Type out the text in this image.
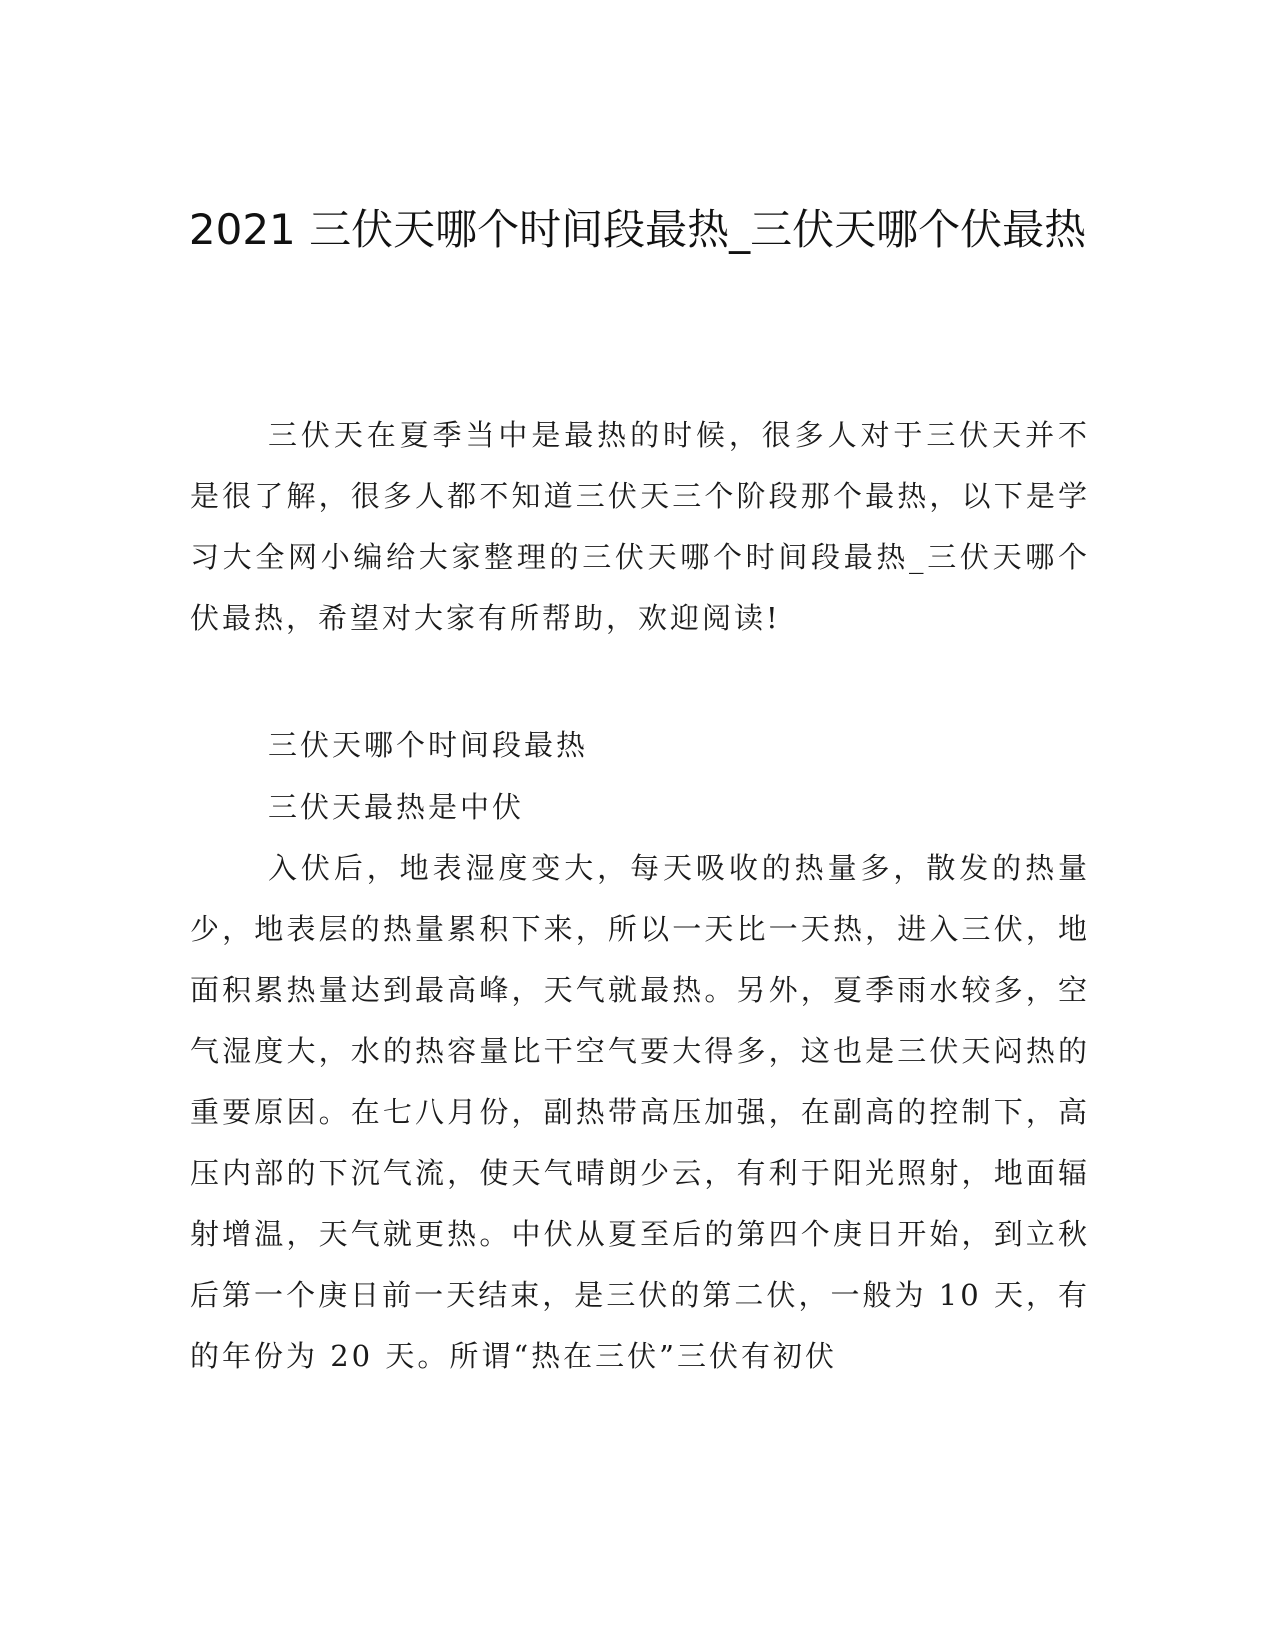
2021 三伏天哪个时间段最热_三伏天哪个伏最热

三伏天在夏季当中是最热的时候，很多人对于三伏天并不是很了解，很多人都不知道三伏天三个阶段那个最热，以下是学习大全网小编给大家整理的三伏天哪个时间段最热_三伏天哪个伏最热，希望对大家有所帮助，欢迎阅读!

三伏天哪个时间段最热

三伏天最热是中伏

入伏后，地表湿度变大，每天吸收的热量多，散发的热量少，地表层的热量累积下来，所以一天比一天热，进入三伏，地面积累热量达到最高峰，天气就最热。另外，夏季雨水较多，空气湿度大，水的热容量比干空气要大得多，这也是三伏天闷热的重要原因。在七八月份，副热带高压加强，在副高的控制下，高压内部的下沉气流，使天气晴朗少云，有利于阳光照射，地面辐射增温，天气就更热。中伏从夏至后的第四个庚日开始，到立秋后第一个庚日前一天结束，是三伏的第二伏，一般为 10 天，有的年份为 20 天。所谓“热在三伏”三伏有初伏
